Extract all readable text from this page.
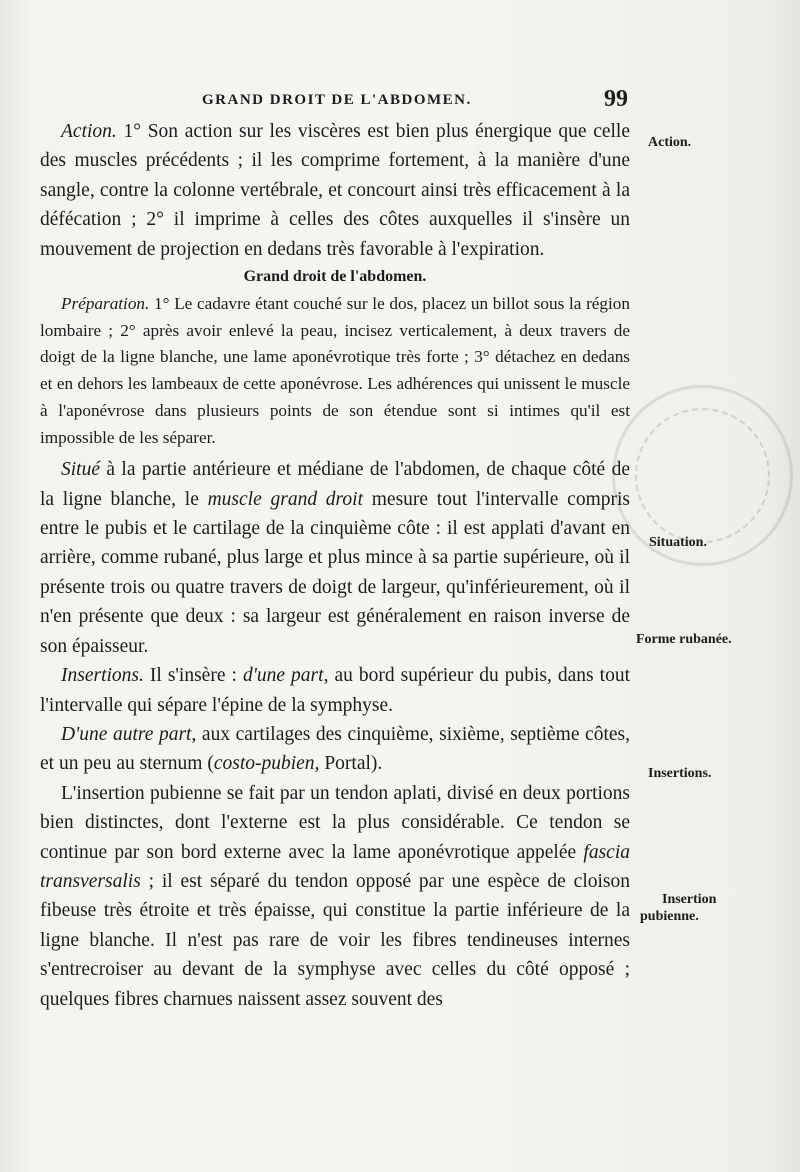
GRAND DROIT DE L'ABDOMEN.	99

Action. 1° Son action sur les viscères est bien plus énergique que celle des muscles précédents ; il les comprime fortement, à la manière d'une sangle, contre la colonne vertébrale, et concourt ainsi très efficacement à la défécation ; 2° il imprime à celles des côtes auxquelles il s'insère un mouvement de projection en dedans très favorable à l'expiration.

Grand droit de l'abdomen.

Préparation. 1° Le cadavre étant couché sur le dos, placez un billot sous la région lombaire ; 2° après avoir enlevé la peau, incisez verticalement, à deux travers de doigt de la ligne blanche, une lame aponévrotique très forte ; 3° détachez en dedans et en dehors les lambeaux de cette aponévrose. Les adhérences qui unissent le muscle à l'aponévrose dans plusieurs points de son étendue sont si intimes qu'il est impossible de les séparer.

Situé à la partie antérieure et médiane de l'abdomen, de chaque côté de la ligne blanche, le muscle grand droit mesure tout l'intervalle compris entre le pubis et le cartilage de la cinquième côte : il est applati d'avant en arrière, comme rubané, plus large et plus mince à sa partie supérieure, où il présente trois ou quatre travers de doigt de largeur, qu'inférieurement, où il n'en présente que deux : sa largeur est généralement en raison inverse de son épaisseur.

Insertions. Il s'insère : d'une part, au bord supérieur du pubis, dans tout l'intervalle qui sépare l'épine de la symphyse.

D'une autre part, aux cartilages des cinquième, sixième, septième côtes, et un peu au sternum (costo-pubien, Portal).

L'insertion pubienne se fait par un tendon aplati, divisé en deux portions bien distinctes, dont l'externe est la plus considérable. Ce tendon se continue par son bord externe avec la lame aponévrotique appelée fascia transversalis ; il est séparé du tendon opposé par une espèce de cloison fibeuse très étroite et très épaisse, qui constitue la partie inférieure de la ligne blanche. Il n'est pas rare de voir les fibres tendineuses internes s'entrecroiser au devant de la symphyse avec celles du côté opposé ; quelques fibres charnues naissent assez souvent des

Action.
Situation.
Forme rubanée.
Insertions.
Insertion
pubienne.
